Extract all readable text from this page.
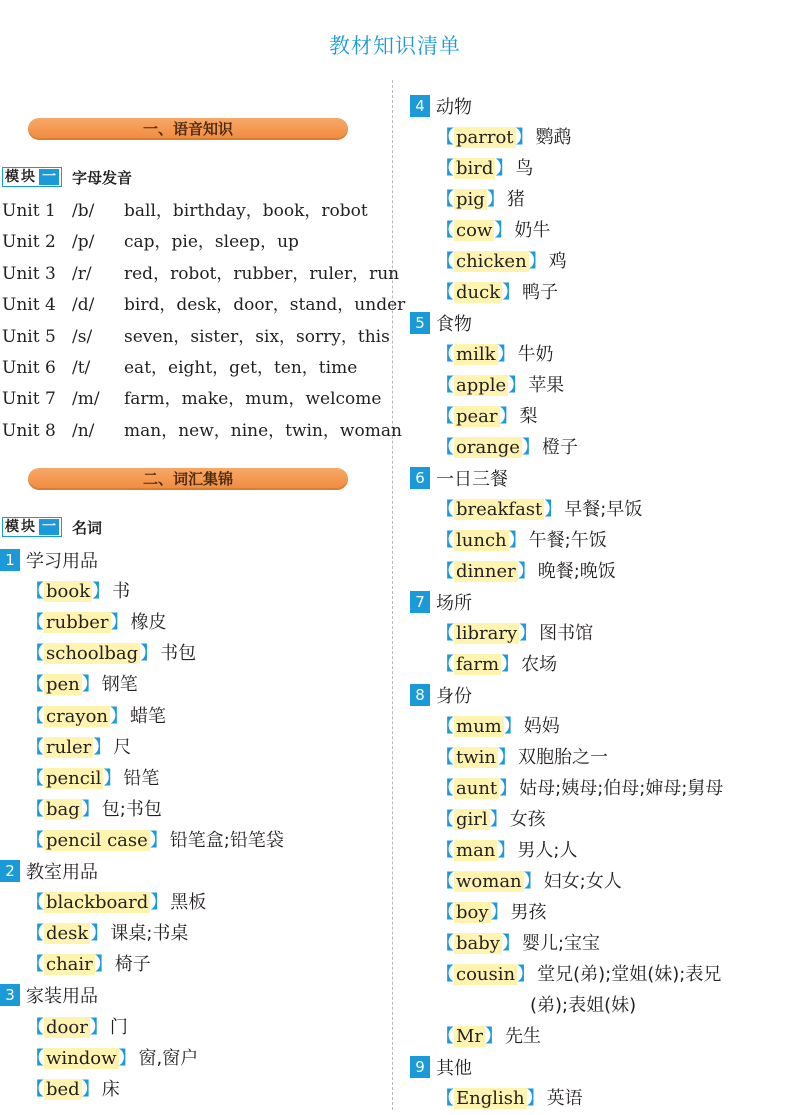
教材知识清单
一、语音知识
模块 一	字母发音
Unit 1 /b/ ball，birthday，book，robot
Unit 2 /p/ cap，pie，sleep，up
Unit 3 /r/ red，robot，rubber，ruler，run
Unit 4 /d/ bird，desk，door，stand，under
Unit 5 /s/ seven，sister，six，sorry，this
Unit 6 /t/ eat，eight，get，ten，time
Unit 7 /m/ farm，make，mum，welcome
Unit 8 /n/ man，new，nine，twin，woman
二、词汇集锦
模块 一	名词
1 学习用品
【 book 】 书
【 rubber 】 橡皮
【 schoolbag 】 书包
【 pen 】 钢笔
【 crayon 】 蜡笔
【 ruler 】 尺
【 pencil 】 铅笔
【 bag 】 包;书包
【 pencil case 】 铅笔盒;铅笔袋
2 教室用品
【 blackboard 】 黑板
【 desk 】 课桌;书桌
【 chair 】 椅子
3 家装用品
【 door 】 门
【 window 】 窗,窗户
【 bed 】 床
4 动物
【 parrot 】 鹦鹉
【 bird 】 鸟
【 pig 】 猪
【 cow 】 奶牛
【 chicken 】 鸡
【 duck 】 鸭子
5 食物
【 milk 】 牛奶
【 apple 】 苹果
【 pear 】 梨
【 orange 】 橙子
6 一日三餐
【 breakfast 】 早餐;早饭
【 lunch 】 午餐;午饭
【 dinner 】 晚餐;晚饭
7 场所
【 library 】 图书馆
【 farm 】 农场
8 身份
【 mum 】 妈妈
【 twin 】 双胞胎之一
【 aunt 】 姑母;姨母;伯母;婶母;舅母
【 girl 】 女孩
【 man 】 男人;人
【 woman 】 妇女;女人
【 boy 】 男孩
【 baby 】 婴儿;宝宝
【 cousin 】 堂兄(弟);堂姐(妹);表兄
(弟);表姐(妹)
【 Mr 】 先生
9 其他
【 English 】 英语
